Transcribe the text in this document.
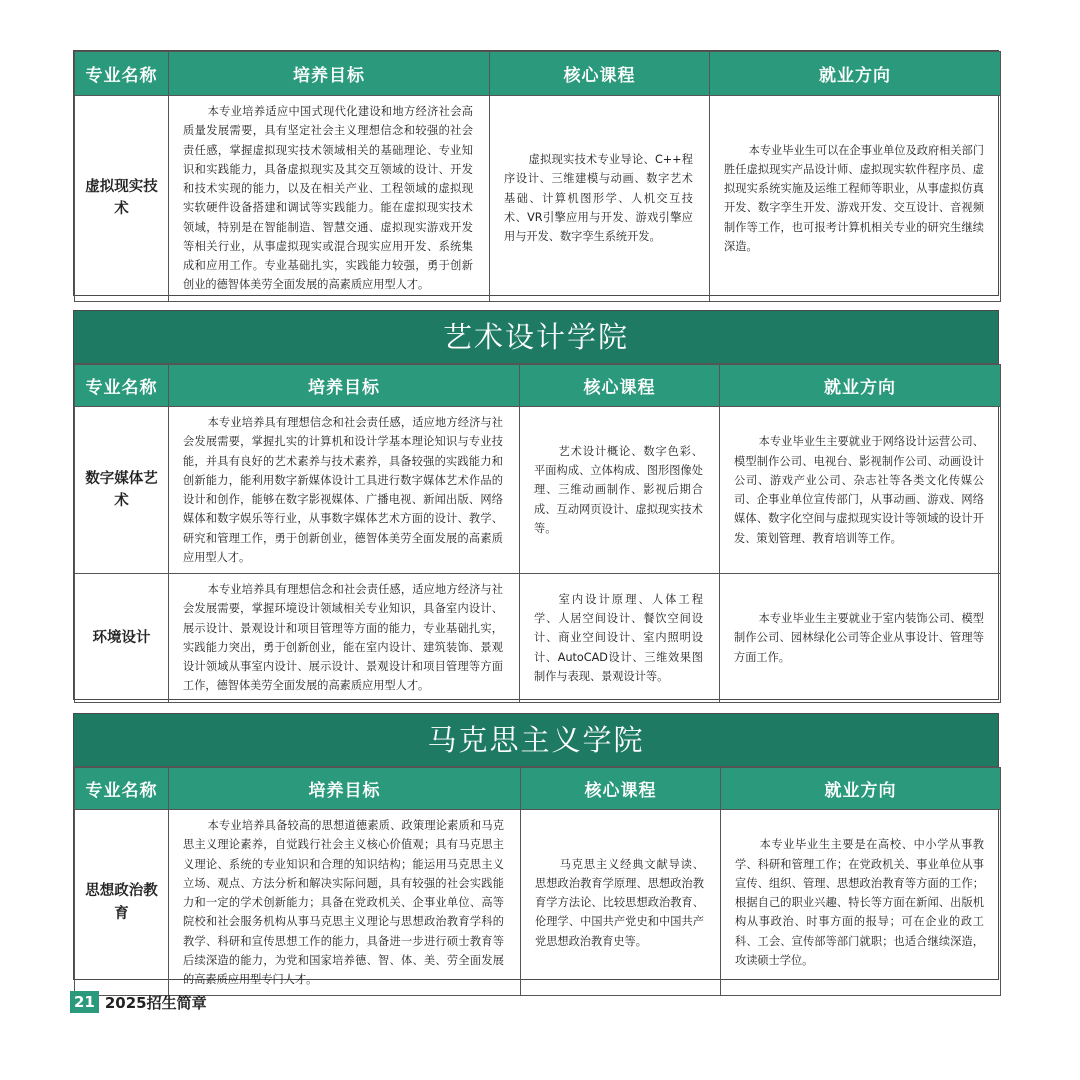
专业名称	培养目标	核心课程	就业方向
虚拟现实技术	本专业培养适应中国式现代化建设和地方经济社会高质量发展需要，具有坚定社会主义理想信念和较强的社会责任感，掌握虚拟现实技术领域相关的基础理论、专业知识和实践能力，具备虚拟现实及其交互领域的设计、开发和技术实现的能力，以及在相关产业、工程领域的虚拟现实软硬件设备搭建和调试等实践能力。能在虚拟现实技术领域，特别是在智能制造、智慧交通、虚拟现实游戏开发等相关行业，从事虚拟现实或混合现实应用开发、系统集成和应用工作。专业基础扎实，实践能力较强，勇于创新创业的德智体美劳全面发展的高素质应用型人才。	虚拟现实技术专业导论、C++程序设计、三维建模与动画、数字艺术基础、计算机图形学、人机交互技术、VR引擎应用与开发、游戏引擎应用与开发、数字孪生系统开发。	本专业毕业生可以在企事业单位及政府相关部门胜任虚拟现实产品设计师、虚拟现实软件程序员、虚拟现实系统实施及运维工程师等职业，从事虚拟仿真开发、数字孪生开发、游戏开发、交互设计、音视频制作等工作，也可报考计算机相关专业的研究生继续深造。

艺术设计学院
专业名称	培养目标	核心课程	就业方向
数字媒体艺术	本专业培养具有理想信念和社会责任感，适应地方经济与社会发展需要，掌握扎实的计算机和设计学基本理论知识与专业技能，并具有良好的艺术素养与技术素养，具备较强的实践能力和创新能力，能利用数字新媒体设计工具进行数字媒体艺术作品的设计和创作，能够在数字影视媒体、广播电视、新闻出版、网络媒体和数字娱乐等行业，从事数字媒体艺术方面的设计、教学、研究和管理工作，勇于创新创业，德智体美劳全面发展的高素质应用型人才。	艺术设计概论、数字色彩、平面构成、立体构成、图形图像处理、三维动画制作、影视后期合成、互动网页设计、虚拟现实技术等。	本专业毕业生主要就业于网络设计运营公司、模型制作公司、电视台、影视制作公司、动画设计公司、游戏产业公司、杂志社等各类文化传媒公司、企事业单位宣传部门，从事动画、游戏、网络媒体、数字化空间与虚拟现实设计等领域的设计开发、策划管理、教育培训等工作。

环境设计	本专业培养具有理想信念和社会责任感，适应地方经济与社会发展需要，掌握环境设计领域相关专业知识，具备室内设计、展示设计、景观设计和项目管理等方面的能力，专业基础扎实，实践能力突出，勇于创新创业，能在室内设计、建筑装饰、景观设计领域从事室内设计、展示设计、景观设计和项目管理等方面工作，德智体美劳全面发展的高素质应用型人才。	室内设计原理、人体工程学、人居空间设计、餐饮空间设计、商业空间设计、室内照明设计、AutoCAD设计、三维效果图制作与表现、景观设计等。	本专业毕业生主要就业于室内装饰公司、模型制作公司、园林绿化公司等企业从事设计、管理等方面工作。

马克思主义学院
专业名称	培养目标	核心课程	就业方向
思想政治教育	本专业培养具备较高的思想道德素质、政策理论素质和马克思主义理论素养，自觉践行社会主义核心价值观；具有马克思主义理论、系统的专业知识和合理的知识结构；能运用马克思主义立场、观点、方法分析和解决实际问题，具有较强的社会实践能力和一定的学术创新能力；具备在党政机关、企事业单位、高等院校和社会服务机构从事马克思主义理论与思想政治教育学科的教学、科研和宣传思想工作的能力，具备进一步进行硕士教育等后续深造的能力，为党和国家培养德、智、体、美、劳全面发展的高素质应用型专门人才。	马克思主义经典文献导读、思想政治教育学原理、思想政治教育学方法论、比较思想政治教育、伦理学、中国共产党史和中国共产党思想政治教育史等。	本专业毕业生主要是在高校、中小学从事教学、科研和管理工作；在党政机关、事业单位从事宣传、组织、管理、思想政治教育等方面的工作；根据自己的职业兴趣、特长等方面在新闻、出版机构从事政治、时事方面的报导；可在企业的政工科、工会、宣传部等部门就职；也适合继续深造，攻读硕士学位。

21 2025招生简章
